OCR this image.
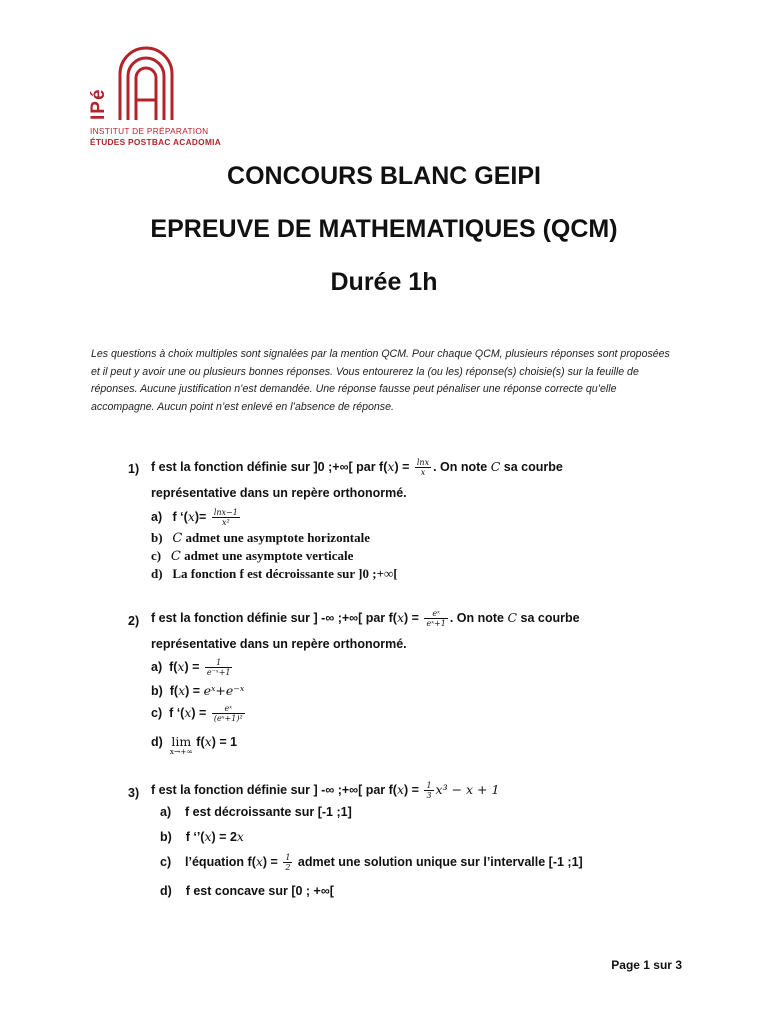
IPé
INSTITUT DE PRÉPARATION
ÉTUDES POSTBAC ACADOMIA
CONCOURS BLANC GEIPI
EPREUVE DE MATHEMATIQUES (QCM)
Durée 1h
Les questions à choix multiples sont signalées par la mention QCM. Pour chaque QCM, plusieurs réponses sont proposées et il peut y avoir une ou plusieurs bonnes réponses. Vous entourerez la (ou les) réponse(s) choisie(s) sur la feuille de réponses. Aucune justification n’est demandée. Une réponse fausse peut pénaliser une réponse correcte qu’elle accompagne. Aucun point n’est enlevé en l’absence de réponse.
1) f est la fonction définie sur ]0 ;+∞[ par $f(x) = \frac{\ln x}{x}$ . On note C sa courbe
représentative dans un repère orthonormé.
a) f ‘$(x)= \frac{\ln x-1}{\text{x²}}$
b) C admet une asymptote horizontale
c) C admet une asymptote verticale
d) La fonction f est décroissante sur ]0 ;+∞[
2) f est la fonction définie sur ] -∞ ;+∞[ par $f(x) = \frac{\text{eˣ}}{\text{eˣ+1}}$ . On note C sa courbe
représentative dans un repère orthonormé.
a)  $f(x) = \frac{1}{\text{e⁻ˣ+1}}$
b)  f(x) = eˣ+e⁻ˣ
c)  f ‘$(x) = \frac{\text{eˣ}}{\text{(eˣ+1)²}}$
d) lim

x→+∞
f(x) = 1
3) f est la fonction définie sur ] -∞ ;+∞[ par $f(x) = \frac{1}{3} x^3 - x + 1$
a) f est décroissante sur [-1 ;1]
b) f ‘’(x) = 2x
c) l’équation $f(x) = \frac{1}{2}$ admet une solution unique sur l’intervalle [-1 ;1]
d) f est concave sur [0 ; +∞[
Page 1 sur 3
